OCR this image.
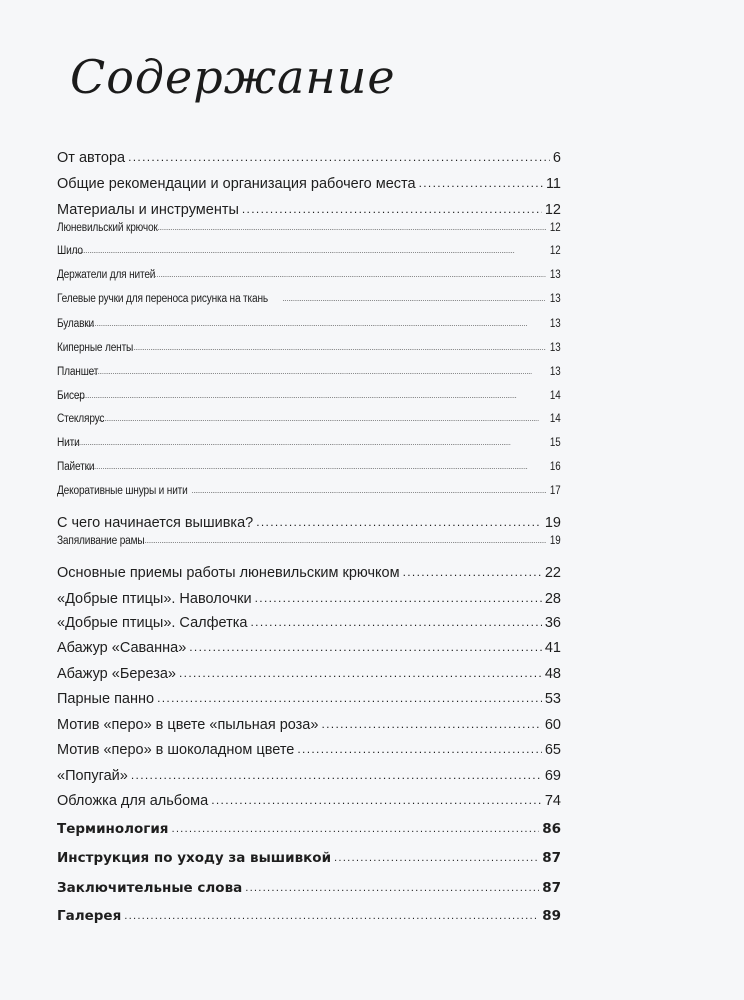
Содержание
От автора . . .	6
Общие рекомендации и организация рабочего места . . .	11
Материалы и инструменты . . .	12
Люневильский крючок . . .	12
Шило . . .	12
Держатели для нитей . . .	13
Гелевые ручки для переноса рисунка на ткань . . .	13
Булавки . . .	13
Киперные ленты . . .	13
Планшет . . .	13
Бисер . . .	14
Стеклярус . . .	14
Нити . . .	15
Пайетки . . .	16
Декоративные шнуры и нити . . .	17
С чего начинается вышивка? . . .	19
Запяливание рамы . . .	19
Основные приемы работы люневильским крючком . . .	22
«Добрые птицы». Наволочки . . .	28
«Добрые птицы». Салфетка . . .	36
Абажур «Саванна» . . .	41
Абажур «Береза» . . .	48
Парные панно . . .	53
Мотив «перо» в цвете «пыльная роза» . . .	60
Мотив «перо» в шоколадном цвете . . .	65
«Попугай» . . .	69
Обложка для альбома . . .	74
Терминология . . .	86
Инструкция по уходу за вышивкой . . .	87
Заключительные слова . . .	87
Галерея . . .	89
